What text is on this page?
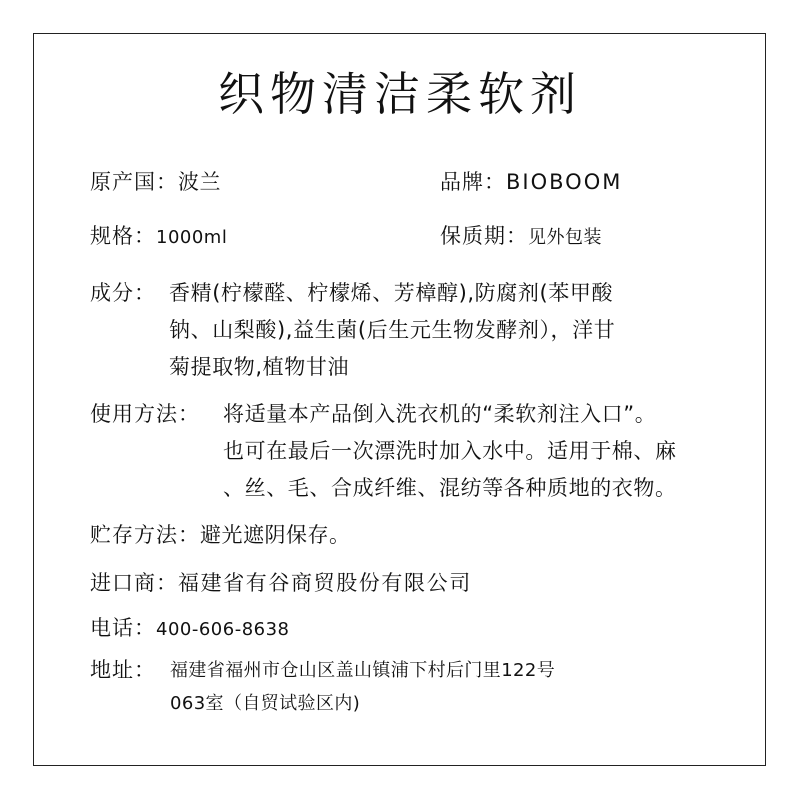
织物清洁柔软剂
原产国：波兰	品牌：BIOBOOM
规格：1000ml	保质期：见外包装
成分： 香精(柠檬醛、柠檬烯、芳樟醇),防腐剂(苯甲酸
钠、山梨酸),益生菌(后生元生物发酵剂），洋甘
菊提取物,植物甘油
使用方法： 将适量本产品倒入洗衣机的“柔软剂注入口”。
也可在最后一次漂洗时加入水中。适用于棉、麻
、丝、毛、合成纤维、混纺等各种质地的衣物。
贮存方法：避光遮阴保存。
进口商：福建省有谷商贸股份有限公司
电话：400-606-8638
地址： 福建省福州市仓山区盖山镇浦下村后门里122号
063室（自贸试验区内)
